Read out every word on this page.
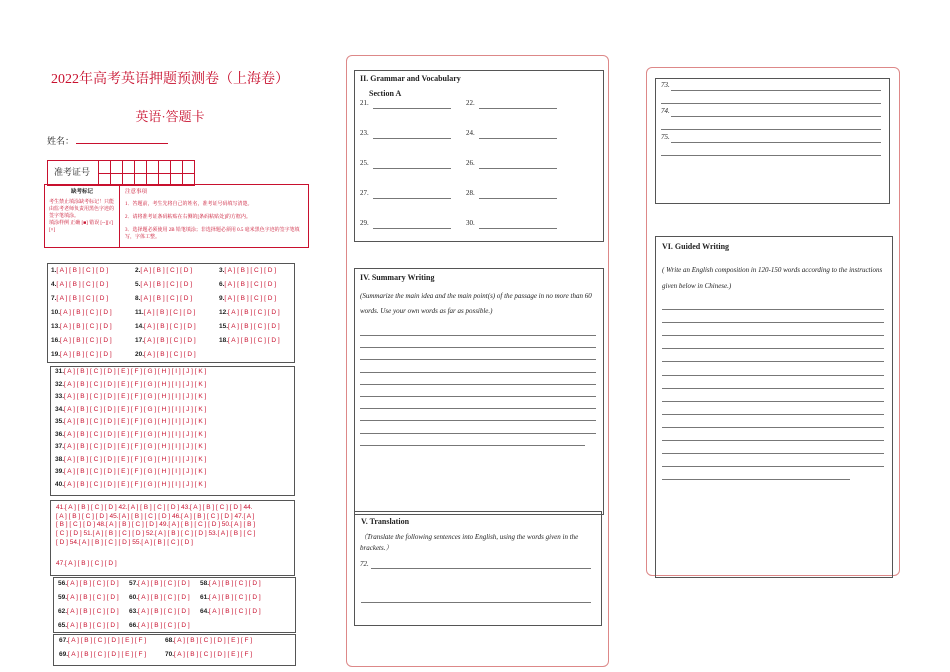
2022年高考英语押题预测卷（上海卷）
英语·答题卡
姓名：
准考证号
缺考标记
考生禁止填涂缺考标记！只能由监考老师负责用黑色字迹的签字笔填涂。
填涂样例 正确 [■] 错误 [--][√][×]
注意事项
1．答题前，考生先将自己的姓名，准考证号码填写清楚。
2．请将准考证条码粘贴在右侧的[条码粘贴处]的方框内。
3．选择题必须使用 2B 铅笔填涂；非选择题必须用 0.5 毫米黑色字迹的签字笔填写，字体工整。
1.[ A ] [ B ] [ C ] [ D ]	2.[ A ] [ B ] [ C ] [ D ]	3.[ A ] [ B ] [ C ] [ D ]
4.[ A ] [ B ] [ C ] [ D ]	5.[ A ] [ B ] [ C ] [ D ]	6.[ A ] [ B ] [ C ] [ D ]
7.[ A ] [ B ] [ C ] [ D ]	8.[ A ] [ B ] [ C ] [ D ]	9.[ A ] [ B ] [ C ] [ D ]
10.[ A ] [ B ] [ C ] [ D ]	11.[ A ] [ B ] [ C ] [ D ]	12.[ A ] [ B ] [ C ] [ D ]
13.[ A ] [ B ] [ C ] [ D ]	14.[ A ] [ B ] [ C ] [ D ]	15.[ A ] [ B ] [ C ] [ D ]
16.[ A ] [ B ] [ C ] [ D ]	17.[ A ] [ B ] [ C ] [ D ]	18.[ A ] [ B ] [ C ] [ D ]
19.[ A ] [ B ] [ C ] [ D ]	20.[ A ] [ B ] [ C ] [ D ]
31.[ A ] [ B ] [ C ] [ D ] [ E ] [ F ] [ G ] [ H ] [ I ] [ J ] [ K ]
32.[ A ] [ B ] [ C ] [ D ] [ E ] [ F ] [ G ] [ H ] [ I ] [ J ] [ K ]
33.[ A ] [ B ] [ C ] [ D ] [ E ] [ F ] [ G ] [ H ] [ I ] [ J ] [ K ]
34.[ A ] [ B ] [ C ] [ D ] [ E ] [ F ] [ G ] [ H ] [ I ] [ J ] [ K ]
35.[ A ] [ B ] [ C ] [ D ] [ E ] [ F ] [ G ] [ H ] [ I ] [ J ] [ K ]
36.[ A ] [ B ] [ C ] [ D ] [ E ] [ F ] [ G ] [ H ] [ I ] [ J ] [ K ]
37.[ A ] [ B ] [ C ] [ D ] [ E ] [ F ] [ G ] [ H ] [ I ] [ J ] [ K ]
38.[ A ] [ B ] [ C ] [ D ] [ E ] [ F ] [ G ] [ H ] [ I ] [ J ] [ K ]
39.[ A ] [ B ] [ C ] [ D ] [ E ] [ F ] [ G ] [ H ] [ I ] [ J ] [ K ]
40.[ A ] [ B ] [ C ] [ D ] [ E ] [ F ] [ G ] [ H ] [ I ] [ J ] [ K ]
41.[ A ] [ B ] [ C ] [ D ] 42.[ A ] [ B ] [ C ] [ D ] 43.[ A ] [ B ] [ C ] [ D ] 44.
[ A ] [ B ] [ C ] [ D ] 45.[ A ] [ B ] [ C ] [ D ] 46.[ A ] [ B ] [ C ] [ D ] 47.[ A ]
[ B ] [ C ] [ D ] 48.[ A ] [ B ] [ C ] [ D ] 49.[ A ] [ B ] [ C ] [ D ] 50.[ A ] [ B ]
[ C ] [ D ] 51.[ A ] [ B ] [ C ] [ D ] 52.[ A ] [ B ] [ C ] [ D ] 53.[ A ] [ B ] [ C ]
[ D ] 54.[ A ] [ B ] [ C ] [ D ] 55.[ A ] [ B ] [ C ] [ D ]
47.[ A ] [ B ] [ C ] [ D ]
56.[ A ] [ B ] [ C ] [ D ] 57.[ A ] [ B ] [ C ] [ D ] 58.[ A ] [ B ] [ C ] [ D ]
59.[ A ] [ B ] [ C ] [ D ] 60.[ A ] [ B ] [ C ] [ D ] 61.[ A ] [ B ] [ C ] [ D ]
62.[ A ] [ B ] [ C ] [ D ] 63.[ A ] [ B ] [ C ] [ D ] 64.[ A ] [ B ] [ C ] [ D ]
65.[ A ] [ B ] [ C ] [ D ] 66.[ A ] [ B ] [ C ] [ D ]
67.[ A ] [ B ] [ C ] [ D ] [ E ] [ F ]	68.[ A ] [ B ] [ C ] [ D ] [ E ] [ F ]
69.[ A ] [ B ] [ C ] [ D ] [ E ] [ F ]	70.[ A ] [ B ] [ C ] [ D ] [ E ] [ F ]
II. Grammar and Vocabulary
Section A
21.	22.
23.	24.
25.	26.
27.	28.
29.	30.
IV. Summary Writing
(Summarize the main idea and the main point(s) of the passage in no more than 60 words. Use your own words as far as possible.)
V. Translation
（Translate the following sentences into English, using the words given in the brackets.）
72.
73.
74.
75.
VI. Guided Writing
( Write an English composition in 120-150 words according to the instructions given below in Chinese.)
